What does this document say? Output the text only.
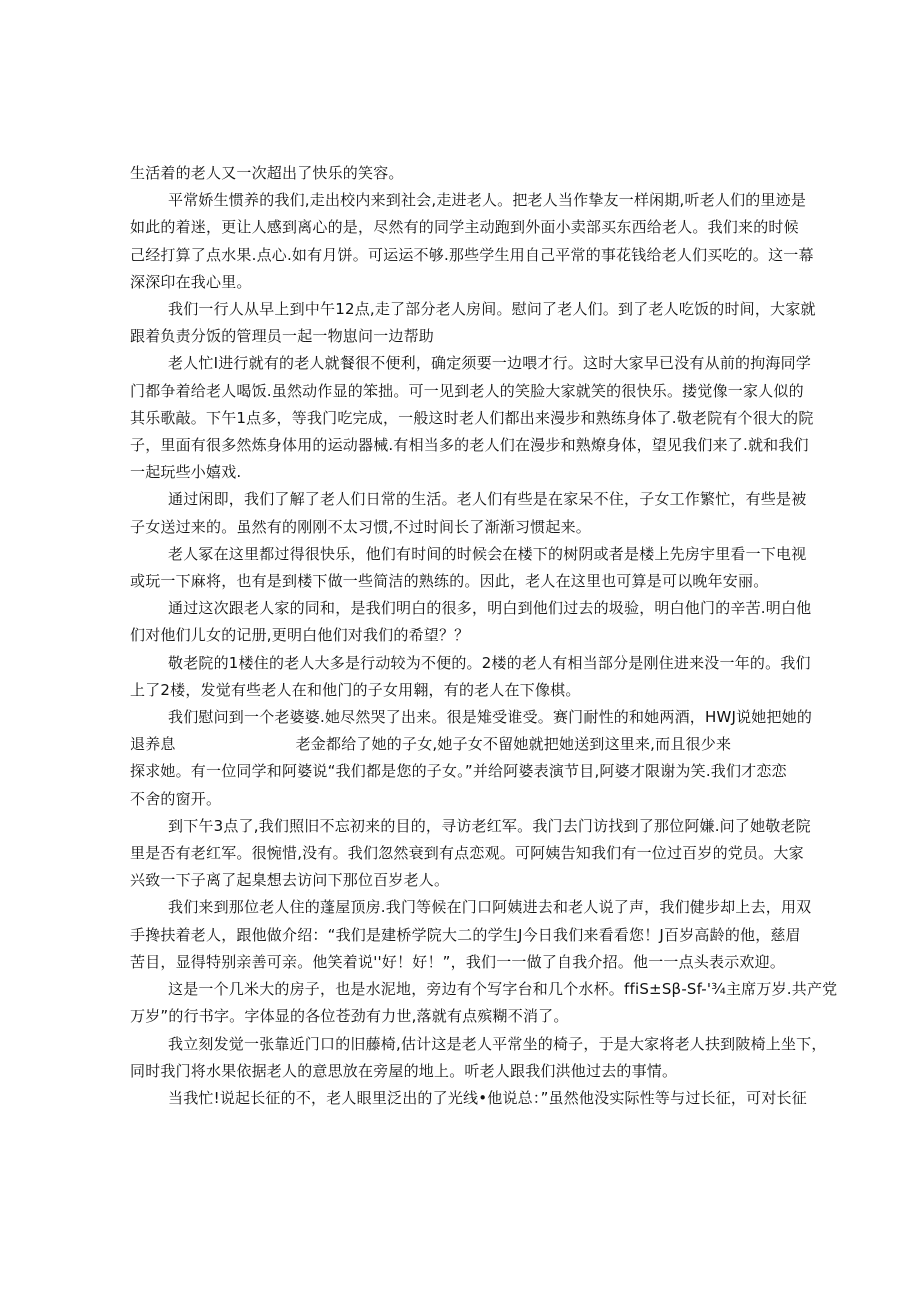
生活着的老人又一次超出了快乐的笑容。

平常娇生惯养的我们,走出校内来到社会,走进老人。把老人当作挚友一样闲期,听老人们的里迹是
如此的着迷，更让人感到离心的是，尽然有的同学主动跑到外面小卖部买东西给老人。我们来的时候
己经打算了点水果.点心.如有月饼。可运运不够.那些学生用自己平常的事花钱给老人们买吃的。这一幕
深深印在我心里。

我们一行人从早上到中午12点,走了部分老人房间。慰问了老人们。到了老人吃饭的时间，大家就
跟着负责分饭的管理员一起一物崽问一边帮助

老人忙I进行就有的老人就餐很不便利，确定须要一边喂才行。这时大家早已没有从前的拘海同学
门都争着给老人喝饭.虽然动作显的笨拙。可一见到老人的笑脸大家就笑的很快乐。搂觉像一家人似的
其乐歌敲。下午1点多，等我门吃完成，一般这时老人们都出来漫步和熟练身体了.敬老院有个很大的院
子，里面有很多然炼身体用的运动器械.有相当多的老人们在漫步和熟燎身体，望见我们来了.就和我们
一起玩些小嬉戏.

通过闲即，我们了解了老人们日常的生活。老人们有些是在家呆不住，子女工作繁忙，有些是被
子女送过来的。虽然有的刚刚不太习惯,不过时间长了渐渐习惯起来。

老人冢在这里都过得很快乐，他们有时间的时候会在楼下的树阴或者是楼上先房宇里看一下电视
或玩一下麻将，也有是到楼下做一些简洁的熟练的。因此，老人在这里也可算是可以晚年安丽。

通过这次跟老人家的同和，是我们明白的很多，明白到他们过去的圾验，明白他门的辛苦.明白他
们对他们儿女的记册,更明白他们对我们的希望？？

敬老院的1楼住的老人大多是行动较为不便的。2楼的老人有相当部分是刚住进来没一年的。我们
上了2楼，发觉有些老人在和他门的子女用翱，有的老人在下像棋。

我们慰问到一个老婆婆.她尽然哭了出来。很是雉受谁受。赛门耐性的和她两酒，HWJ说她把她的
退养息	老金都给了她的子女,她子女不留她就把她送到这里来,而且很少来
探求她。有一位同学和阿婆说“我们都是您的子女。”并给阿婆表演节目,阿婆才限谢为笑.我们才恋恋
不舍的窗开。

到下午3点了,我们照旧不忘初来的目的，寻访老红军。我门去门访找到了那位阿嫌.问了她敬老院
里是否有老红军。很惋惜,没有。我们忽然衰到有点恋观。可阿姨告知我们有一位过百岁的党员。大家
兴致一下子离了起臬想去访问下那位百岁老人。

我们来到那位老人住的蓬屋顶房.我门等候在门口阿姨进去和老人说了声，我们健步却上去，用双
手搀扶着老人，跟他做介绍：“我们是建桥学院大二的学生J今日我们来看看您！J百岁高龄的他，慈眉
苦目，显得特别亲善可亲。他笑着说''好！好！”，我们一一做了自我介招。他一一点头表示欢迎。

这是一个几米大的房子，也是水泥地，旁边有个写字台和几个水杯。ffiS±Sβ-Sf-'¾主席万岁.共产党
万岁”的行书字。字体显的各位苍劲有力世,落就有点殡糊不消了。

我立刻发觉一张靠近门口的旧藤椅,估计这是老人平常坐的椅子，于是大家将老人扶到陂椅上坐下，
同时我门将水果依据老人的意思放在旁屋的地上。听老人跟我们洪他过去的事情。

当我忙!说起长征的不，老人眼里泛出的了光线•他说总：”虽然他没实际性等与过长征，可对长征
